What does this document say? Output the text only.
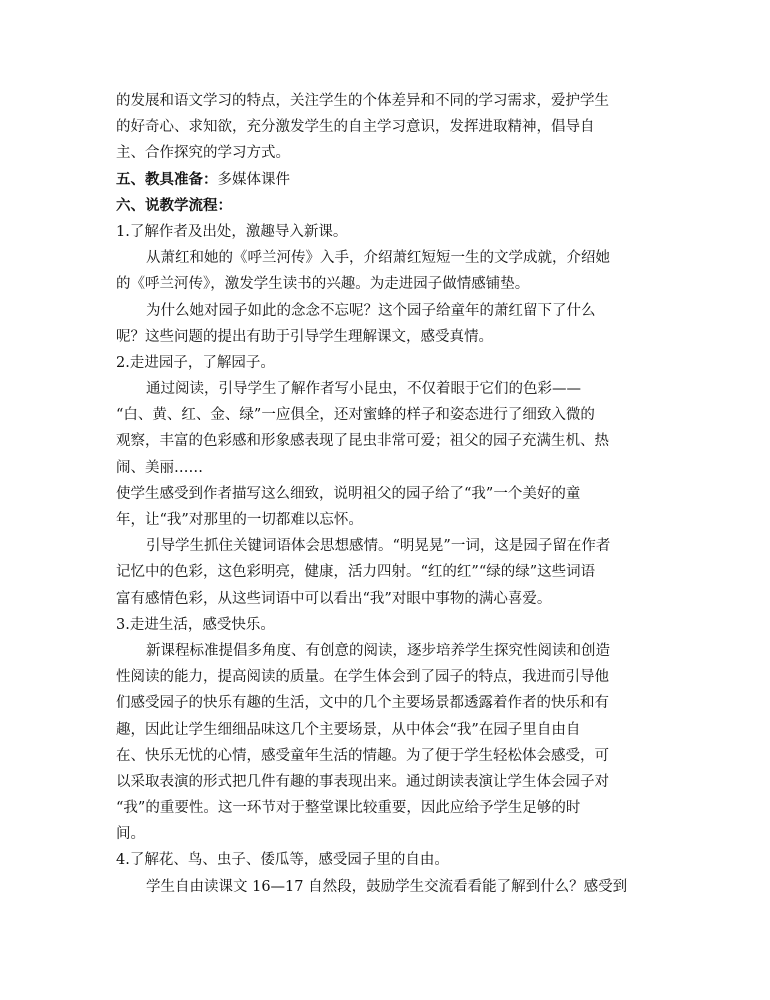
的发展和语文学习的特点，关注学生的个体差异和不同的学习需求，爱护学生
的好奇心、求知欲，充分激发学生的自主学习意识，发挥进取精神，倡导自
主、合作探究的学习方式。
五、教具准备：多媒体课件
六、说教学流程：
1.了解作者及出处，激趣导入新课。
从萧红和她的《呼兰河传》入手，介绍萧红短短一生的文学成就，介绍她
的《呼兰河传》，激发学生读书的兴趣。为走进园子做情感铺垫。
为什么她对园子如此的念念不忘呢？这个园子给童年的萧红留下了什么
呢？这些问题的提出有助于引导学生理解课文，感受真情。
2.走进园子，了解园子。
通过阅读，引导学生了解作者写小昆虫，不仅着眼于它们的色彩——
“白、黄、红、金、绿”一应俱全，还对蜜蜂的样子和姿态进行了细致入微的
观察，丰富的色彩感和形象感表现了昆虫非常可爱；祖父的园子充满生机、热
闹、美丽……
使学生感受到作者描写这么细致，说明祖父的园子给了“我”一个美好的童
年，让“我”对那里的一切都难以忘怀。
引导学生抓住关键词语体会思想感情。“明晃晃”一词，这是园子留在作者
记忆中的色彩，这色彩明亮，健康，活力四射。“红的红”“绿的绿”这些词语
富有感情色彩，从这些词语中可以看出“我”对眼中事物的满心喜爱。
3.走进生活，感受快乐。
新课程标准提倡多角度、有创意的阅读，逐步培养学生探究性阅读和创造
性阅读的能力，提高阅读的质量。在学生体会到了园子的特点，我进而引导他
们感受园子的快乐有趣的生活，文中的几个主要场景都透露着作者的快乐和有
趣，因此让学生细细品味这几个主要场景，从中体会“我”在园子里自由自
在、快乐无忧的心情，感受童年生活的情趣。为了便于学生轻松体会感受，可
以采取表演的形式把几件有趣的事表现出来。通过朗读表演让学生体会园子对
“我”的重要性。这一环节对于整堂课比较重要，因此应给予学生足够的时
间。
4.了解花、鸟、虫子、倭瓜等，感受园子里的自由。
学生自由读课文 16—17 自然段，鼓励学生交流看看能了解到什么？感受到
